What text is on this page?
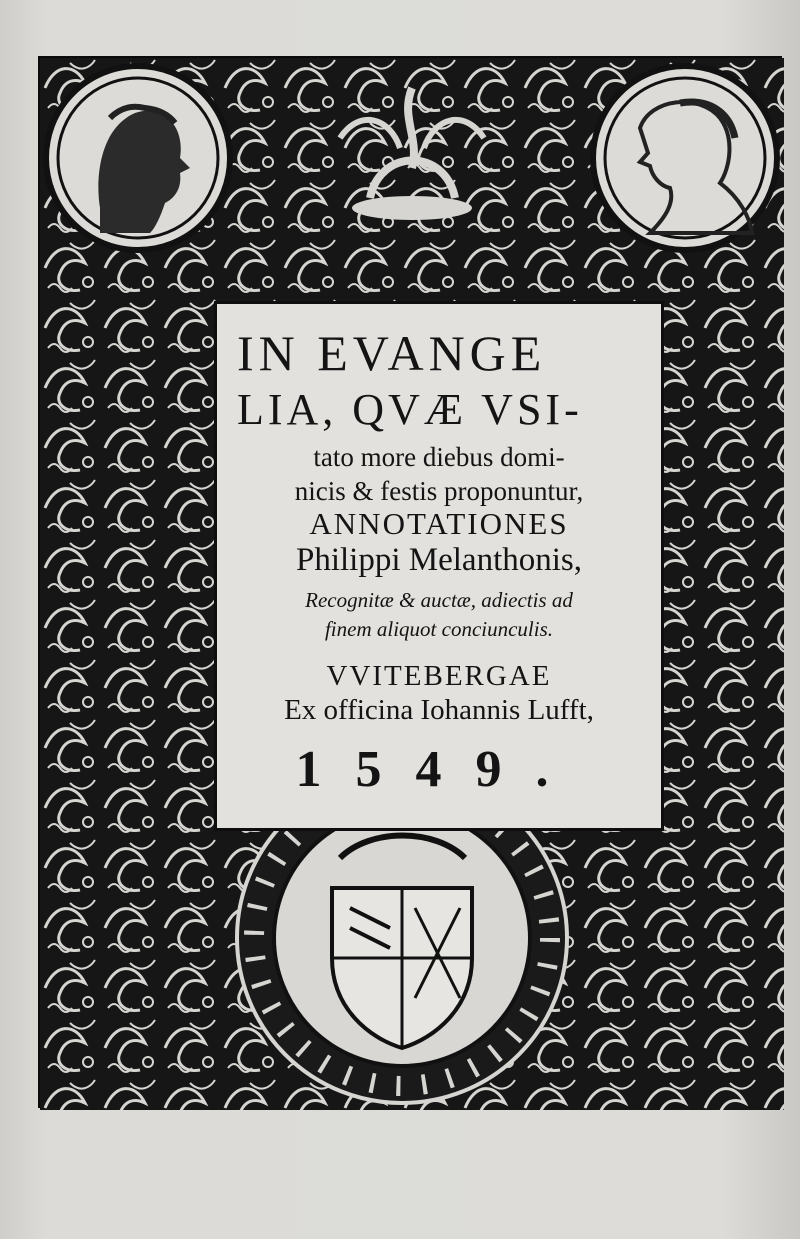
IN EVANGE
LIA, QVÆ VSI-
tato more diebus domi-
nicis & festis proponuntur,
ANNOTATIONES
Philippi Melanthonis,
Recognitæ & auctæ, adiectis ad
finem aliquot conciunculis.
VVITEBERGAE
Ex officina Iohannis Lufft,
1549.
